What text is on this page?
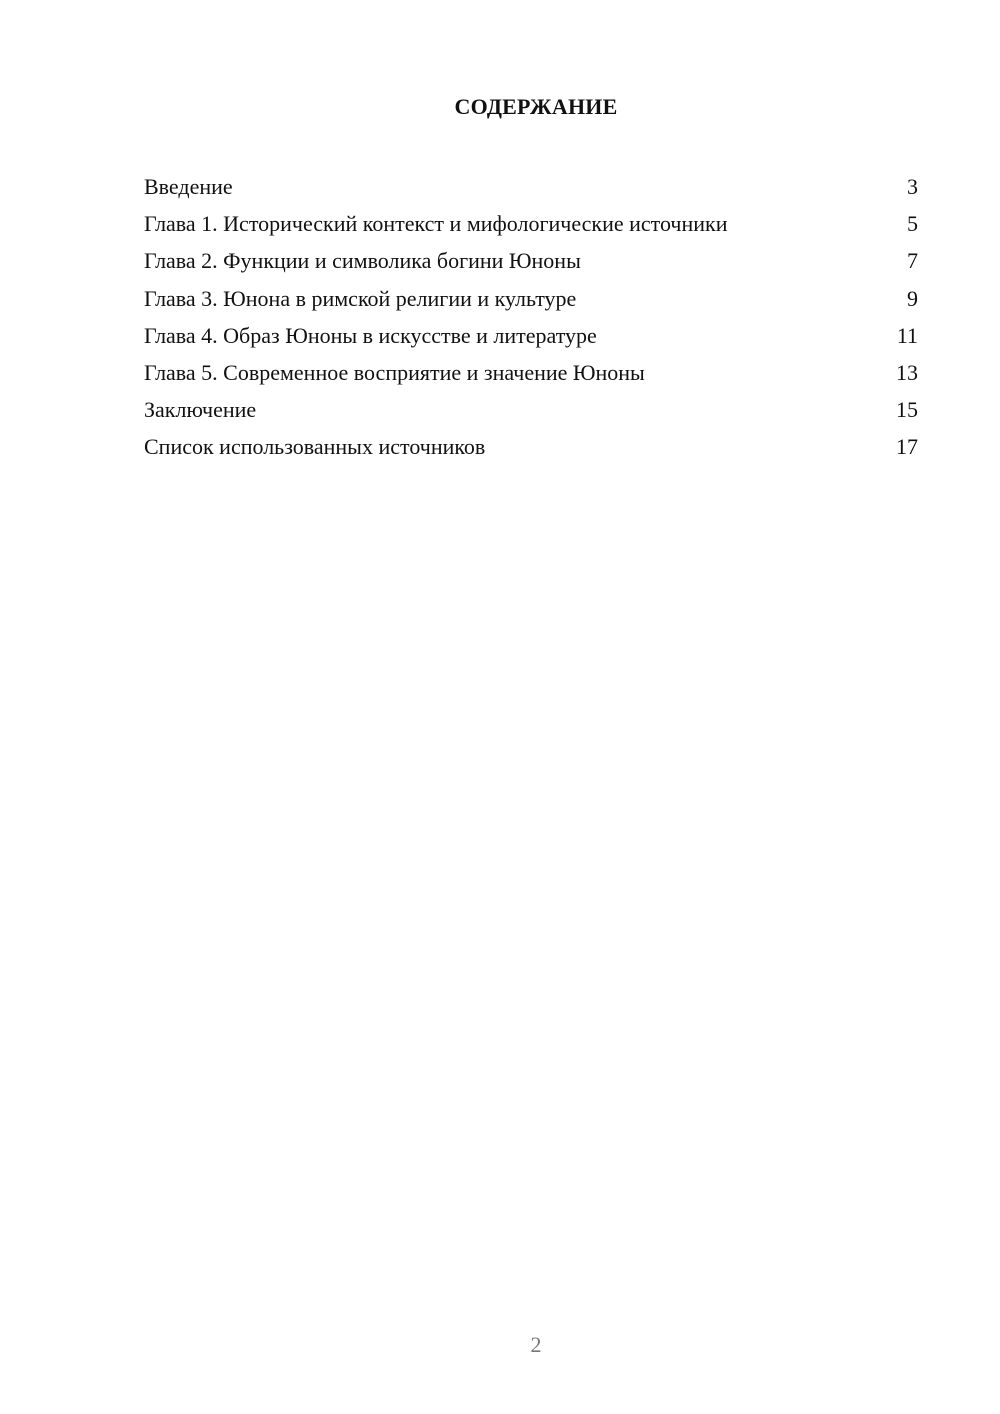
СОДЕРЖАНИЕ
Введение	3
Глава 1. Исторический контекст и мифологические источники	5
Глава 2. Функции и символика богини Юноны	7
Глава 3. Юнона в римской религии и культуре	9
Глава 4. Образ Юноны в искусстве и литературе	11
Глава 5. Современное восприятие и значение Юноны	13
Заключение	15
Список использованных источников	17
2
